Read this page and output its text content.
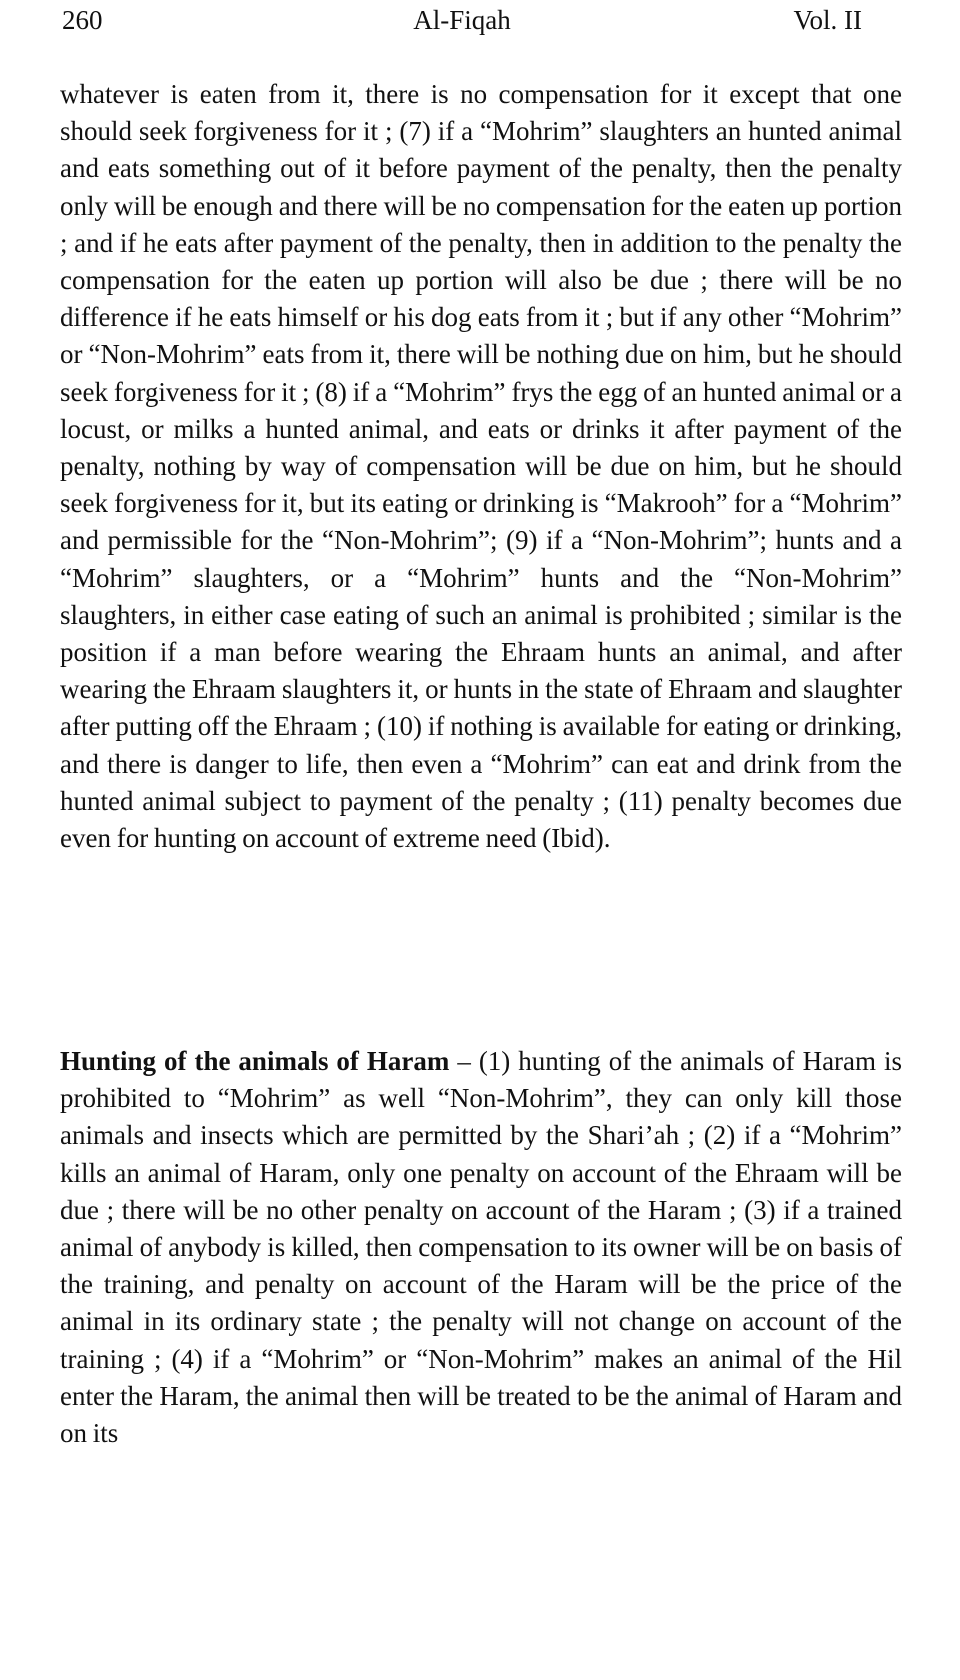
260	Al-Fiqah	Vol. II

whatever is eaten from it, there is no compensation for it except that one should seek forgiveness for it ; (7) if a “Mohrim” slaughters an hunted animal and eats something out of it before payment of the penalty, then the penalty only will be enough and there will be no compensation for the eaten up portion ; and if he eats after payment of the penalty, then in addition to the penalty the compensation for the eaten up portion will also be due ; there will be no difference if he eats himself or his dog eats from it ; but if any other “Mohrim” or “Non-Mohrim” eats from it, there will be nothing due on him, but he should seek forgiveness for it ; (8) if a “Mohrim” frys the egg of an hunted animal or a locust, or milks a hunted animal, and eats or drinks it after payment of the penalty, nothing by way of compensation will be due on him, but he should seek forgiveness for it, but its eating or drinking is “Makrooh” for a “Mohrim” and permissible for the “Non-Mohrim”; (9) if a “Non-Mohrim”; hunts and a “Mohrim” slaughters, or a “Mohrim” hunts and the “Non-Mohrim” slaughters, in either case eating of such an animal is prohibited ; similar is the position if a man before wearing the Ehraam hunts an animal, and after wearing the Ehraam slaughters it, or hunts in the state of Ehraam and slaughter after putting off the Ehraam ; (10) if nothing is available for eating or drinking, and there is danger to life, then even a “Mohrim” can eat and drink from the hunted animal subject to payment of the penalty ; (11) penalty becomes due even for hunting on account of extreme need (Ibid).

Hunting of the animals of Haram – (1) hunting of the animals of Haram is prohibited to “Mohrim” as well “Non-Mohrim”, they can only kill those animals and insects which are permitted by the Shari’ah ; (2) if a “Mohrim” kills an animal of Haram, only one penalty on account of the Ehraam will be due ; there will be no other penalty on account of the Haram ; (3) if a trained animal of anybody is killed, then compensation to its owner will be on basis of the training, and penalty on account of the Haram will be the price of the animal in its ordinary state ; the penalty will not change on account of the training ; (4) if a “Mohrim” or “Non-Mohrim” makes an animal of the Hil enter the Haram, the animal then will be treated to be the animal of Haram and on its
